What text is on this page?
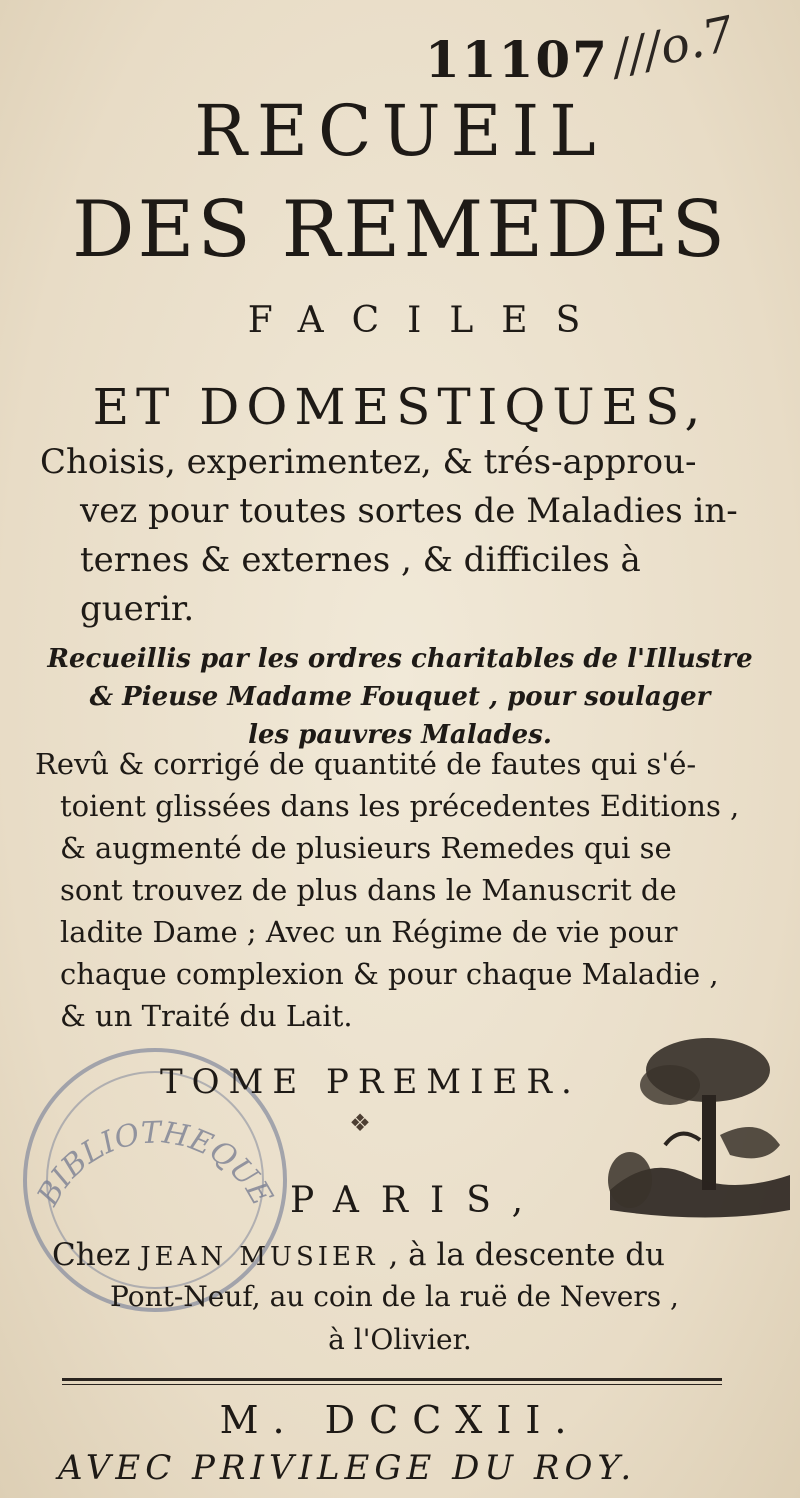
11107
///o.7
RECUEIL
DES REMEDES
FACILES
ET DOMESTIQUES,
Choisis, experimentez, & trés-approu-
vez pour toutes sortes de Maladies in-
ternes & externes , & difficiles à
guerir.
Recueillis par les ordres charitables de l'Illustre
& Pieuse Madame Fouquet , pour soulager
les pauvres Malades.
Revû & corrigé de quantité de fautes qui s'é-
toient glissées dans les précedentes Editions ,
& augmenté de plusieurs Remedes qui se
sont trouvez de plus dans le Manuscrit de
ladite Dame ; Avec un Régime de vie pour
chaque complexion & pour chaque Maladie ,
& un Traité du Lait.
BIBLIOTHEQUE
TOME PREMIER.
❖
PARIS,
Chez JEAN MUSIER , à la descente du
Pont-Neuf, au coin de la ruë de Nevers ,
à l'Olivier.
M. DCCXII.
AVEC PRIVILEGE DU ROY.
